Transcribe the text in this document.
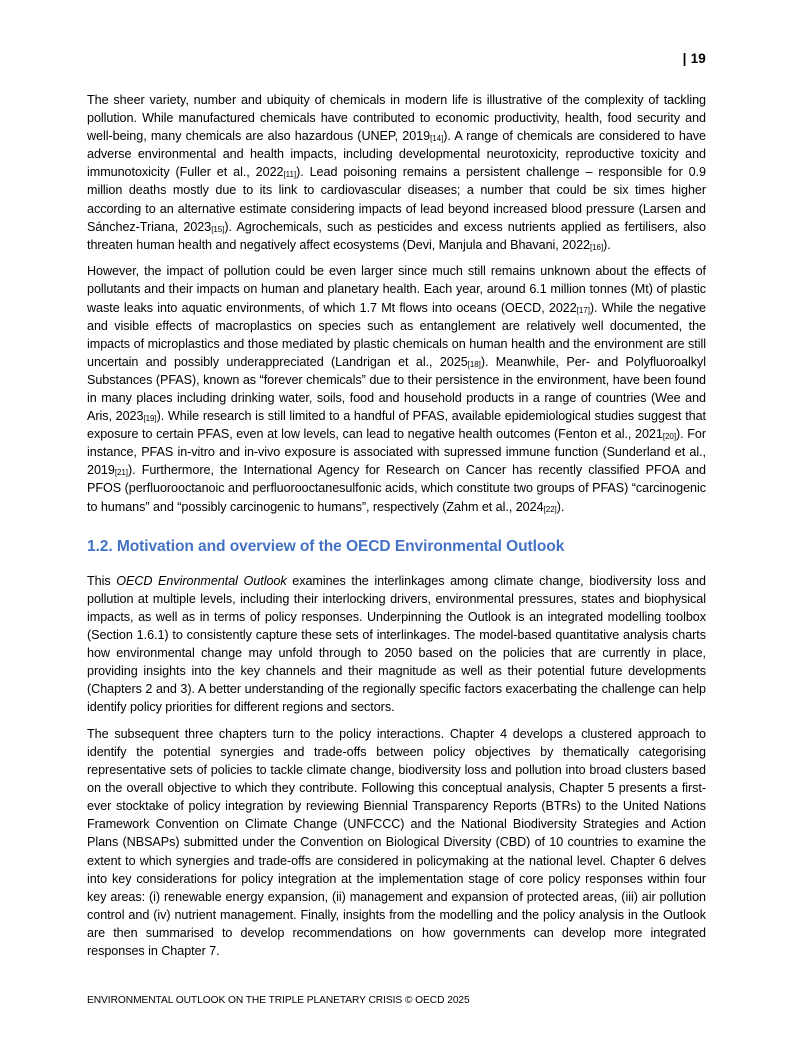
| 19

The sheer variety, number and ubiquity of chemicals in modern life is illustrative of the complexity of tackling pollution. While manufactured chemicals have contributed to economic productivity, health, food security and well-being, many chemicals are also hazardous (UNEP, $2019_{[14]}$). A range of chemicals are considered to have adverse environmental and health impacts, including developmental neurotoxicity, reproductive toxicity and immunotoxicity (Fuller et al., $2022_{[11]}$). Lead poisoning remains a persistent challenge – responsible for 0.9 million deaths mostly due to its link to cardiovascular diseases; a number that could be six times higher according to an alternative estimate considering impacts of lead beyond increased blood pressure (Larsen and Sánchez-Triana, $2023_{[15]}$). Agrochemicals, such as pesticides and excess nutrients applied as fertilisers, also threaten human health and negatively affect ecosystems (Devi, Manjula and Bhavani, $2022_{[16]}$).

However, the impact of pollution could be even larger since much still remains unknown about the effects of pollutants and their impacts on human and planetary health. Each year, around 6.1 million tonnes (Mt) of plastic waste leaks into aquatic environments, of which 1.7 Mt flows into oceans (OECD, $2022_{[17]}$). While the negative and visible effects of macroplastics on species such as entanglement are relatively well documented, the impacts of microplastics and those mediated by plastic chemicals on human health and the environment are still uncertain and possibly underappreciated (Landrigan et al., $2025_{[18]}$). Meanwhile, Per- and Polyfluoroalkyl Substances (PFAS), known as “forever chemicals” due to their persistence in the environment, have been found in many places including drinking water, soils, food and household products in a range of countries (Wee and Aris, $2023_{[19]}$). While research is still limited to a handful of PFAS, available epidemiological studies suggest that exposure to certain PFAS, even at low levels, can lead to negative health outcomes (Fenton et al., $2021_{[20]}$). For instance, PFAS in-vitro and in-vivo exposure is associated with supressed immune function (Sunderland et al., $2019_{[21]}$). Furthermore, the International Agency for Research on Cancer has recently classified PFOA and PFOS (perfluorooctanoic and perfluorooctanesulfonic acids, which constitute two groups of PFAS) “carcinogenic to humans” and “possibly carcinogenic to humans”, respectively (Zahm et al., $2024_{[22]}$).

1.2. Motivation and overview of the OECD Environmental Outlook

This OECD Environmental Outlook examines the interlinkages among climate change, biodiversity loss and pollution at multiple levels, including their interlocking drivers, environmental pressures, states and biophysical impacts, as well as in terms of policy responses. Underpinning the Outlook is an integrated modelling toolbox (Section 1.6.1) to consistently capture these sets of interlinkages. The model-based quantitative analysis charts how environmental change may unfold through to 2050 based on the policies that are currently in place, providing insights into the key channels and their magnitude as well as their potential future developments (Chapters 2 and 3). A better understanding of the regionally specific factors exacerbating the challenge can help identify policy priorities for different regions and sectors.

The subsequent three chapters turn to the policy interactions. Chapter 4 develops a clustered approach to identify the potential synergies and trade-offs between policy objectives by thematically categorising representative sets of policies to tackle climate change, biodiversity loss and pollution into broad clusters based on the overall objective to which they contribute. Following this conceptual analysis, Chapter 5 presents a first-ever stocktake of policy integration by reviewing Biennial Transparency Reports (BTRs) to the United Nations Framework Convention on Climate Change (UNFCCC) and the National Biodiversity Strategies and Action Plans (NBSAPs) submitted under the Convention on Biological Diversity (CBD) of 10 countries to examine the extent to which synergies and trade-offs are considered in policymaking at the national level. Chapter 6 delves into key considerations for policy integration at the implementation stage of core policy responses within four key areas: (i) renewable energy expansion, (ii) management and expansion of protected areas, (iii) air pollution control and (iv) nutrient management. Finally, insights from the modelling and the policy analysis in the Outlook are then summarised to develop recommendations on how governments can develop more integrated responses in Chapter 7.

ENVIRONMENTAL OUTLOOK ON THE TRIPLE PLANETARY CRISIS © OECD 2025
